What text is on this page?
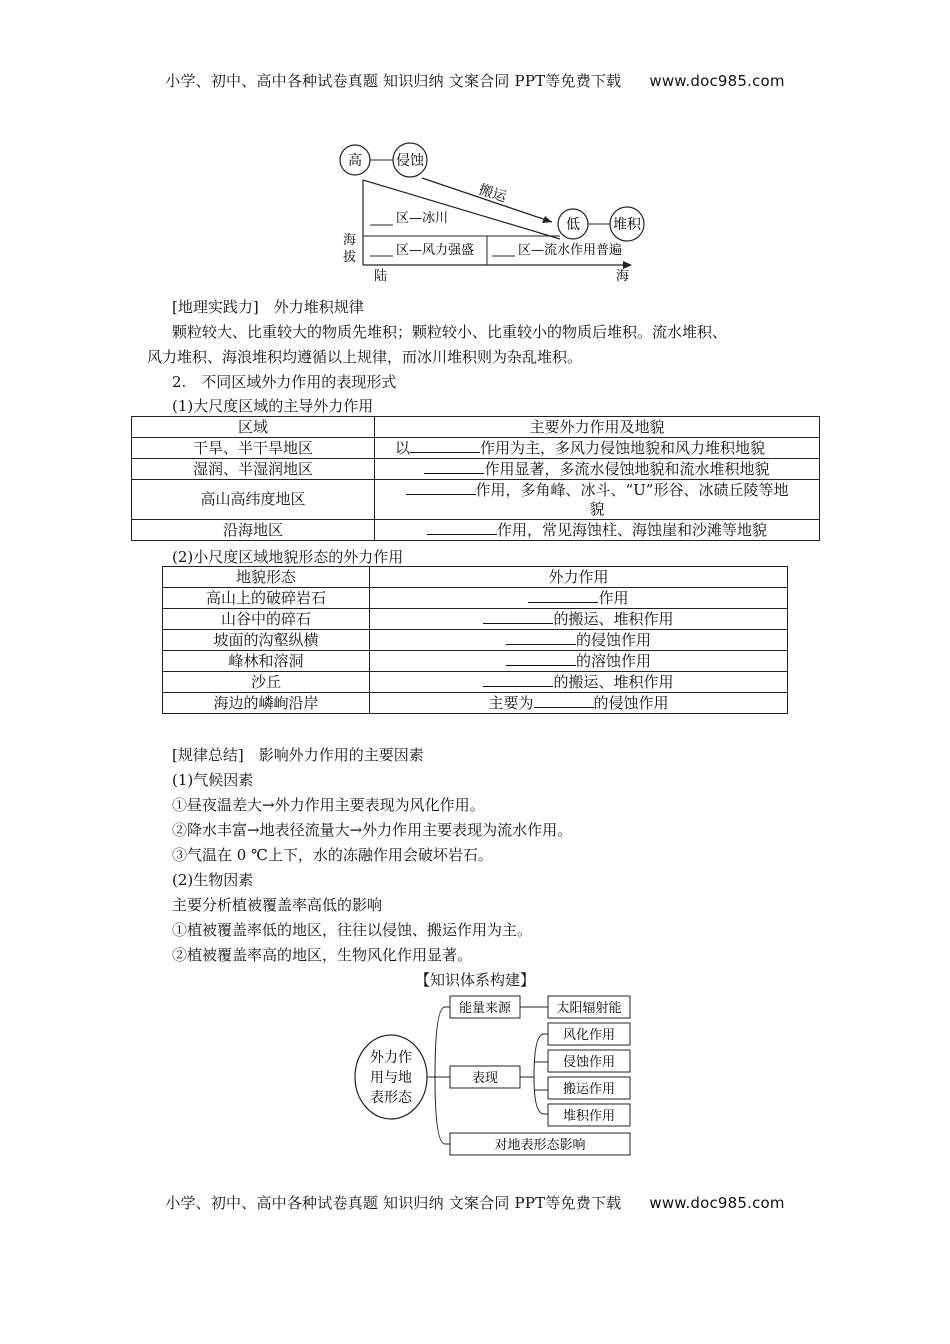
小学、初中、高中各种试卷真题 知识归纳 文案合同 PPT等免费下载 www.doc985.com
高 侵蚀
搬运
低 堆积
区—冰川
区—风力强盛	区—流水作用普遍
海
拔
陆	海
[地理实践力]　外力堆积规律
颗粒较大、比重较大的物质先堆积；颗粒较小、比重较小的物质后堆积。流水堆积、
风力堆积、海浪堆积均遵循以上规律，而冰川堆积则为杂乱堆积。
2.　不同区域外力作用的表现形式
(1)大尺度区域的主导外力作用
区域	主要外力作用及地貌
干旱、半干旱地区	以 作用为主，多风力侵蚀地貌和风力堆积地貌
湿润、半湿润地区	作用显著，多流水侵蚀地貌和流水堆积地貌
高山高纬度地区	作用，多角峰、冰斗、“U”形谷、冰碛丘陵等地
貌
沿海地区	作用，常见海蚀柱、海蚀崖和沙滩等地貌
(2)小尺度区域地貌形态的外力作用
地貌形态	外力作用
高山上的破碎岩石	作用
山谷中的碎石	的搬运、堆积作用
坡面的沟壑纵横	的侵蚀作用
峰林和溶洞	的溶蚀作用
沙丘	的搬运、堆积作用
海边的嶙峋沿岸	主要为 的侵蚀作用
[规律总结]　影响外力作用的主要因素
(1)气候因素
①昼夜温差大→外力作用主要表现为风化作用。
②降水丰富→地表径流量大→外力作用主要表现为流水作用。
③气温在 0 ℃上下，水的冻融作用会破坏岩石。
(2)生物因素
主要分析植被覆盖率高低的影响
①植被覆盖率低的地区，往往以侵蚀、搬运作用为主。
②植被覆盖率高的地区，生物风化作用显著。
【知识体系构建】
外力作
用与地
表形态
能量来源	太阳辐射能
表现
风化作用
侵蚀作用
搬运作用
堆积作用
对地表形态影响
小学、初中、高中各种试卷真题 知识归纳 文案合同 PPT等免费下载 www.doc985.com
